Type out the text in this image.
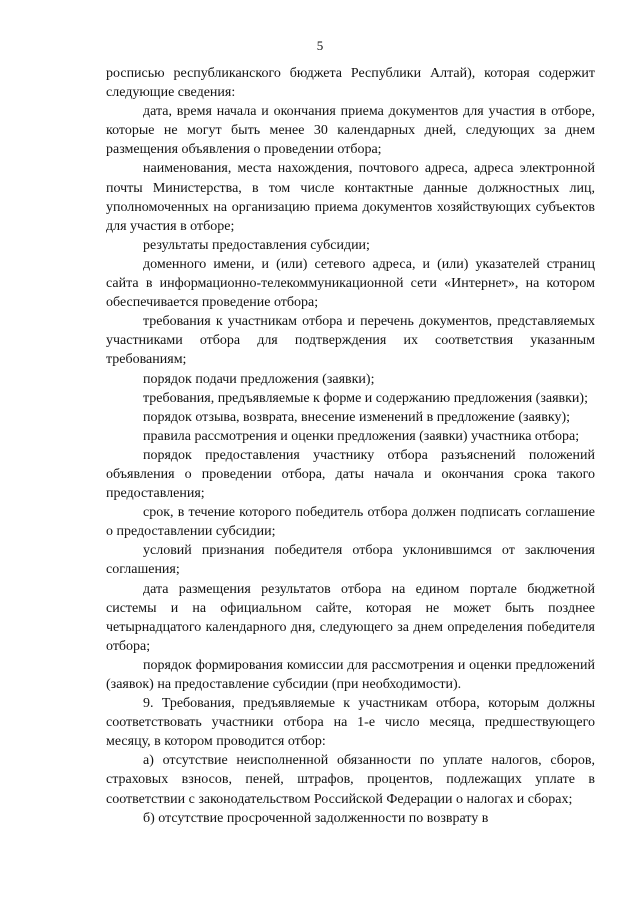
5

росписью республиканского бюджета Республики Алтай), которая содержит следующие сведения:

дата, время начала и окончания приема документов для участия в отборе, которые не могут быть менее 30 календарных дней, следующих за днем размещения объявления о проведении отбора;

наименования, места нахождения, почтового адреса, адреса электронной почты Министерства, в том числе контактные данные должностных лиц, уполномоченных на организацию приема документов хозяйствующих субъектов для участия в отборе;

результаты предоставления субсидии;

доменного имени, и (или) сетевого адреса, и (или) указателей страниц сайта в информационно-телекоммуникационной сети «Интернет», на котором обеспечивается проведение отбора;

требования к участникам отбора и перечень документов, представляемых участниками отбора для подтверждения их соответствия указанным требованиям;

порядок подачи предложения (заявки);

требования, предъявляемые к форме и содержанию предложения (заявки);

порядок отзыва, возврата, внесение изменений в предложение (заявку);

правила рассмотрения и оценки предложения (заявки) участника отбора;

порядок предоставления участнику отбора разъяснений положений объявления о проведении отбора, даты начала и окончания срока такого предоставления;

срок, в течение которого победитель отбора должен подписать соглашение о предоставлении субсидии;

условий признания победителя отбора уклонившимся от заключения соглашения;

дата размещения результатов отбора на едином портале бюджетной системы и на официальном сайте, которая не может быть позднее четырнадцатого календарного дня, следующего за днем определения победителя отбора;

порядок формирования комиссии для рассмотрения и оценки предложений (заявок) на предоставление субсидии (при необходимости).

9. Требования, предъявляемые к участникам отбора, которым должны соответствовать участники отбора на 1-е число месяца, предшествующего месяцу, в котором проводится отбор:

а) отсутствие неисполненной обязанности по уплате налогов, сборов, страховых взносов, пеней, штрафов, процентов, подлежащих уплате в соответствии с законодательством Российской Федерации о налогах и сборах;

б) отсутствие просроченной задолженности по возврату в
